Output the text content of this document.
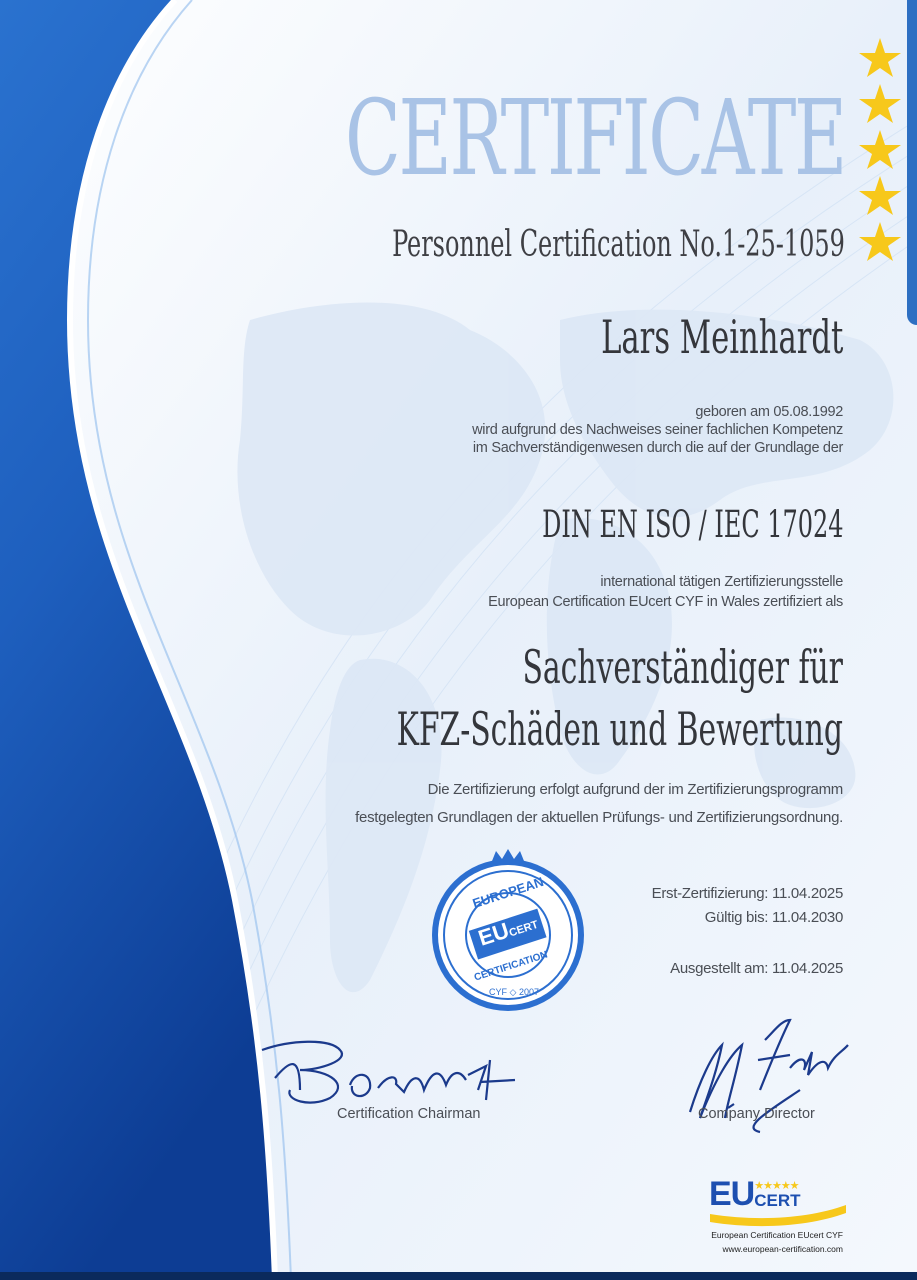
CERTIFICATE
Personnel Certification No.1-25-1059
Lars Meinhardt
geboren am 05.08.1992
wird aufgrund des Nachweises seiner fachlichen Kompetenz
im Sachverständigenwesen durch die auf der Grundlage der
DIN EN ISO / IEC 17024
international tätigen Zertifizierungsstelle
European Certification EUcert CYF in Wales zertifiziert als
Sachverständiger für
KFZ-Schäden und Bewertung
Die Zertifizierung erfolgt aufgrund der im Zertifizierungsprogramm
festgelegten Grundlagen der aktuellen Prüfungs- und Zertifizierungsordnung.
Erst-Zertifizierung: 11.04.2025
Gültig bis: 11.04.2030
Ausgestellt am: 11.04.2025
EUROPEAN
EUCERT
CERTIFICATION
CYF ◇ 2007
Certification Chairman	Company Director
EU ★★★★★
CERT
European Certification EUcert CYF
www.european-certification.com
